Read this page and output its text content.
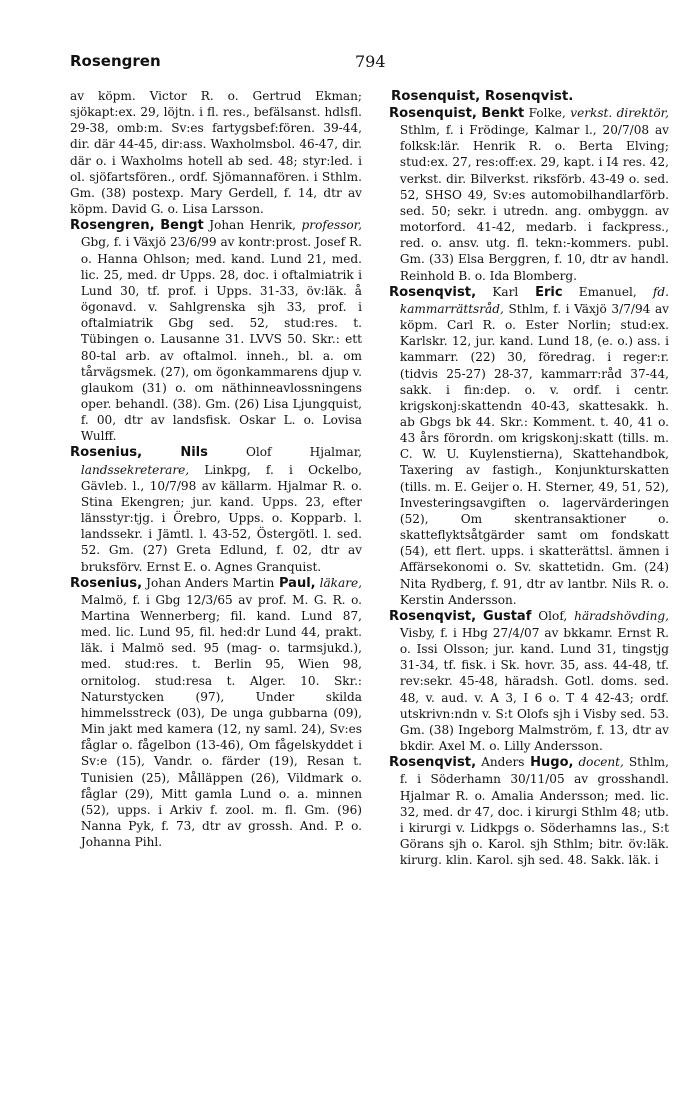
Rosengren	794

av köpm. Victor R. o. Gertrud Ekman; sjökapt:ex. 29, löjtn. i fl. res., befälsanst. hdlsfl. 29-38, omb:m. Sv:es fartygsbef:fören. 39-44, dir. där 44-45, dir:ass. Waxholmsbol. 46-47, dir. där o. i Waxholms hotell ab sed. 48; styr:led. i ol. sjöfartsfören., ordf. Sjömannafören. i Sthlm. Gm. (38) postexp. Mary Gerdell, f. 14, dtr av köpm. David G. o. Lisa Larsson.

Rosengren, Bengt Johan Henrik, professor, Gbg, f. i Växjö 23/6/99 av kontr:prost. Josef R. o. Hanna Ohlson; med. kand. Lund 21, med. lic. 25, med. dr Upps. 28, doc. i oftalmiatrik i Lund 30, tf. prof. i Upps. 31-33, öv:läk. å ögonavd. v. Sahlgrenska sjh 33, prof. i oftalmiatrik Gbg sed. 52, stud:res. t. Tübingen o. Lausanne 31. LVVS 50. Skr.: ett 80-tal arb. av oftalmol. inneh., bl. a. om tårvägsmek. (27), om ögonkammarens djup v. glaukom (31) o. om näthinneavlossningens oper. behandl. (38). Gm. (26) Lisa Ljungquist, f. 00, dtr av landsfisk. Oskar L. o. Lovisa Wulff.

Rosenius,	Nils Olof Hjalmar, landssekreterare, Linkpg, f. i Ockelbo, Gävleb. l., 10/7/98 av källarm. Hjalmar R. o. Stina Ekengren; jur. kand. Upps. 23, efter länsstyr:tjg. i Örebro, Upps. o. Kopparb. l. landssekr. i Jämtl. l. 43-52, Östergötl. l. sed. 52. Gm. (27) Greta Edlund, f. 02, dtr av bruksförv. Ernst E. o. Agnes Granquist.

Rosenius, Johan Anders Martin Paul, läkare, Malmö, f. i Gbg 12/3/65 av prof. M. G. R. o. Martina Wennerberg; fil. kand. Lund 87, med. lic. Lund 95, fil. hed:dr Lund 44, prakt. läk. i Malmö sed. 95 (mag- o. tarmsjukd.), med. stud:res. t. Berlin 95, Wien 98, ornitolog. stud:resa t. Alger. 10. Skr.: Naturstycken (97), Under skilda himmelsstreck (03), De unga gubbarna (09), Min jakt med kamera (12, ny saml. 24), Sv:es fåglar o. fågelbon (13-46), Om fågelskyddet i Sv:e (15), Vandr. o. färder (19), Resan t. Tunisien (25), Målläppen (26), Vildmark o. fåglar (29), Mitt gamla Lund o. a. minnen (52), upps. i Arkiv f. zool. m. fl. Gm. (96) Nanna Pyk, f. 73, dtr av grossh. And. P. o. Johanna Pihl.

Rosenquist, Rosenqvist.

Rosenquist, Benkt Folke, verkst. direktör, Sthlm, f. i Frödinge, Kalmar l., 20/7/08 av folksk:lär. Henrik R. o. Berta Elving; stud:ex. 27, res:off:ex. 29, kapt. i I4 res. 42, verkst. dir. Bilverkst. riksförb. 43-49 o. sed. 52, SHSO 49, Sv:es automobilhandlarförb. sed. 50; sekr. i utredn. ang. ombyggn. av motorford. 41-42, medarb. i fackpress., red. o. ansv. utg. fl. tekn:-kommers. publ. Gm. (33) Elsa Berggren, f. 10, dtr av handl. Reinhold B. o. Ida Blomberg.

Rosenqvist, Karl Eric Emanuel, fd. kammarrättsråd, Sthlm, f. i Växjö 3/7/94 av köpm. Carl R. o. Ester Norlin; stud:ex. Karlskr. 12, jur. kand. Lund 18, (e. o.) ass. i kammarr. (22) 30, föredrag. i reger:r. (tidvis 25-27) 28-37, kammarr:råd 37-44, sakk. i fin:dep. o. v. ordf. i centr. krigskonj:skattendn 40-43, skattesakk. h. ab Gbgs bk 44. Skr.: Komment. t. 40, 41 o. 43 års förordn. om krigskonj:skatt (tills. m. C. W. U. Kuylenstierna), Skattehandbok, Taxering av fastigh., Konjunkturskatten (tills. m. E. Geijer o. H. Sterner, 49, 51, 52), Investeringsavgiften o. lagervärderingen (52), Om skentransaktioner o. skatteflyktsåtgärder samt om fondskatt (54), ett flert. upps. i skatterättsl. ämnen i Affärsekonomi o. Sv. skattetidn. Gm. (24) Nita Rydberg, f. 91, dtr av lantbr. Nils R. o. Kerstin Andersson.

Rosenqvist, Gustaf Olof, häradshövding, Visby, f. i Hbg 27/4/07 av bkkamr. Ernst R. o. Issi Olsson; jur. kand. Lund 31, tingstjg 31-34, tf. fisk. i Sk. hovr. 35, ass. 44-48, tf. rev:sekr. 45-48, häradsh. Gotl. doms. sed. 48, v. aud. v. A 3, I 6 o. T 4 42-43; ordf. utskrivn:ndn v. S:t Olofs sjh i Visby sed. 53. Gm. (38) Ingeborg Malmström, f. 13, dtr av bkdir. Axel M. o. Lilly Andersson.

Rosenqvist, Anders Hugo, docent, Sthlm, f. i Söderhamn 30/11/05 av grosshandl. Hjalmar R. o. Amalia Andersson; med. lic. 32, med. dr 47, doc. i kirurgi Sthlm 48; utb. i kirurgi v. Lidkpgs o. Söderhamns las., S:t Görans sjh o. Karol. sjh Sthlm; bitr. öv:läk. kirurg. klin. Karol. sjh sed. 48. Sakk. läk. i
